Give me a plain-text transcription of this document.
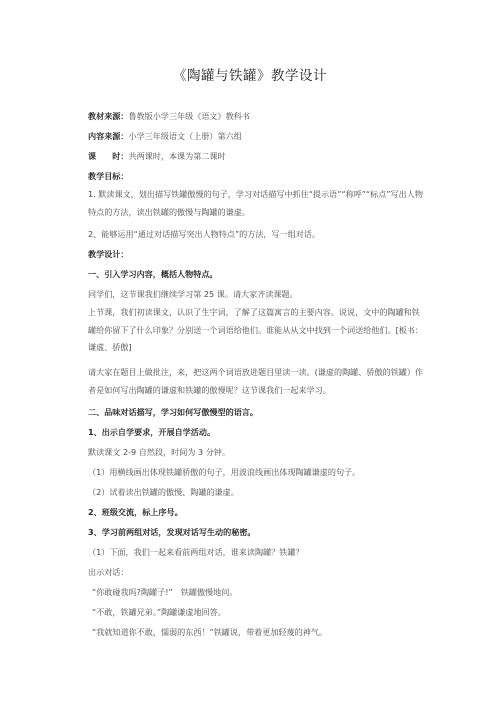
《陶罐与铁罐》教学设计
教材来源：鲁教版小学三年级《语文》教科书
内容来源：小学三年级语文（上册）第六组
课　　时：共两课时，本课为第二课时
教学目标：
1. 默读课文，划出描写铁罐傲慢的句子，学习对话描写中抓住“提示语”“称呼”“标点”写出人物特点的方法，读出铁罐的傲慢与陶罐的谦虚。
2、能够运用“通过对话描写突出人物特点”的方法，写一组对话。
教学设计：
一、引入学习内容，概括人物特点。
同学们，这节课我们继续学习第 25 课。请大家齐读课题。
上节课，我们初读课文，认识了生字词，了解了这篇寓言的主要内容。说说，文中的陶罐和铁罐给你留下了什么印象？分别送一个词语给他们。谁能从从文中找到一个词送给他们。[板书：谦虚、骄傲]
请大家在题目上做批注，来，把这两个词语放进题目里读一读。(谦虚的陶罐、骄傲的铁罐）作者是如何写出陶罐的谦虚和铁罐的傲慢呢？这节课我们一起来学习。
二、品味对话描写，学习如何写傲慢型的语言。
1、出示自学要求，开展自学活动。
默读课文 2-9 自然段，时间为 3 分钟。
（1）用横线画出体现铁罐骄傲的句子，用波浪线画出体现陶罐谦虚的句子。
（2）试着读出铁罐的傲慢、陶罐的谦虚。
2、班级交流，标上序号。
3、学习前两组对话，发现对话写生动的秘密。
（1）下面，我们一起来看前两组对话，谁来读陶罐？铁罐？
出示对话：
“你敢碰我吗?陶罐子!”　铁罐傲慢地问。
“不敢，铁罐兄弟。”陶罐谦虚地回答。
“我就知道你不敢，懦弱的东西！”铁罐说，带着更加轻蔑的神气。
